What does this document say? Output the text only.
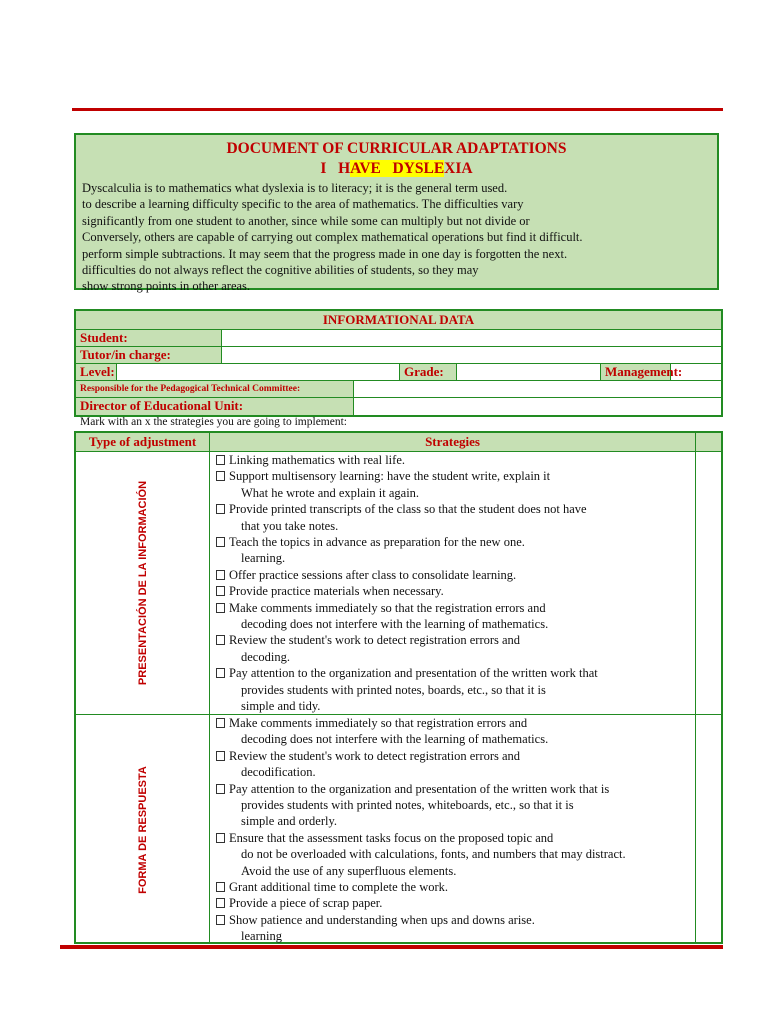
DOCUMENT OF CURRICULAR ADAPTATIONS
I   HAVE   DYSLEXIA
Dyscalculia is to mathematics what dyslexia is to literacy; it is the general term used.
to describe a learning difficulty specific to the area of mathematics. The difficulties vary
significantly from one student to another, since while some can multiply but not divide or
Conversely, others are capable of carrying out complex mathematical operations but find it difficult.
perform simple subtractions. It may seem that the progress made in one day is forgotten the next.
difficulties do not always reflect the cognitive abilities of students, so they may
show strong points in other areas.
INFORMATIONAL DATA
Student:
Tutor/in charge:
Level:	Grade:	Management:
Responsible for the Pedagogical Technical Committee:
Director of Educational Unit:
Mark with an x the strategies you are going to implement:
Type of adjustment	Strategies
PRESENTACIÓN DE LA INFORMACIÓN
Linking mathematics with real life.
Support multisensory learning: have the student write, explain it
What he wrote and explain it again.
Provide printed transcripts of the class so that the student does not have
that you take notes.
Teach the topics in advance as preparation for the new one.
learning.
Offer practice sessions after class to consolidate learning.
Provide practice materials when necessary.
Make comments immediately so that the registration errors and
decoding does not interfere with the learning of mathematics.
Review the student's work to detect registration errors and
decoding.
Pay attention to the organization and presentation of the written work that
provides students with printed notes, boards, etc., so that it is
simple and tidy.
FORMA DE RESPUESTA
Make comments immediately so that registration errors and
decoding does not interfere with the learning of mathematics.
Review the student's work to detect registration errors and
decodification.
Pay attention to the organization and presentation of the written work that is
provides students with printed notes, whiteboards, etc., so that it is
simple and orderly.
Ensure that the assessment tasks focus on the proposed topic and
do not be overloaded with calculations, fonts, and numbers that may distract.
Avoid the use of any superfluous elements.
Grant additional time to complete the work.
Provide a piece of scrap paper.
Show patience and understanding when ups and downs arise.
learning
